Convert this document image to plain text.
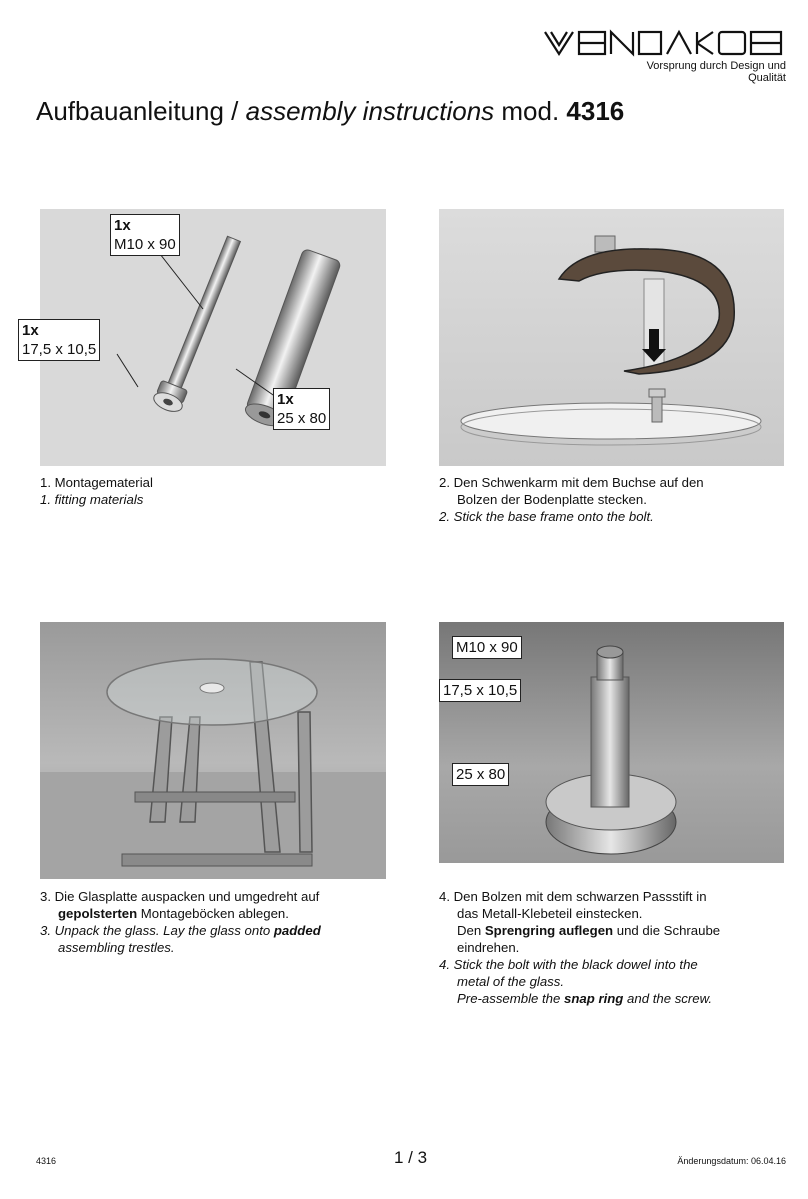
Vorsprung durch Design und Qualität
Aufbauanleitung / assembly instructions mod. 4316
1x
M10 x 90
1x
17,5 x 10,5
1x
25 x 80
M10 x 90
17,5 x 10,5
25 x 80
1. Montagematerial
1. fitting materials
2. Den Schwenkarm mit dem Buchse auf den
Bolzen der Bodenplatte stecken.
2. Stick the base frame onto the bolt.
3. Die Glasplatte auspacken und umgedreht auf
gepolsterten Montageböcken ablegen.
3. Unpack the glass. Lay the glass onto padded
assembling trestles.
4. Den Bolzen mit dem schwarzen Passstift in
das Metall-Klebeteil einstecken.
Den Sprengring auflegen und die Schraube
eindrehen.
4. Stick the bolt with the black dowel into the
metal of the glass.
Pre-assemble the snap ring and the screw.
4316	1 / 3	Änderungsdatum: 06.04.16
